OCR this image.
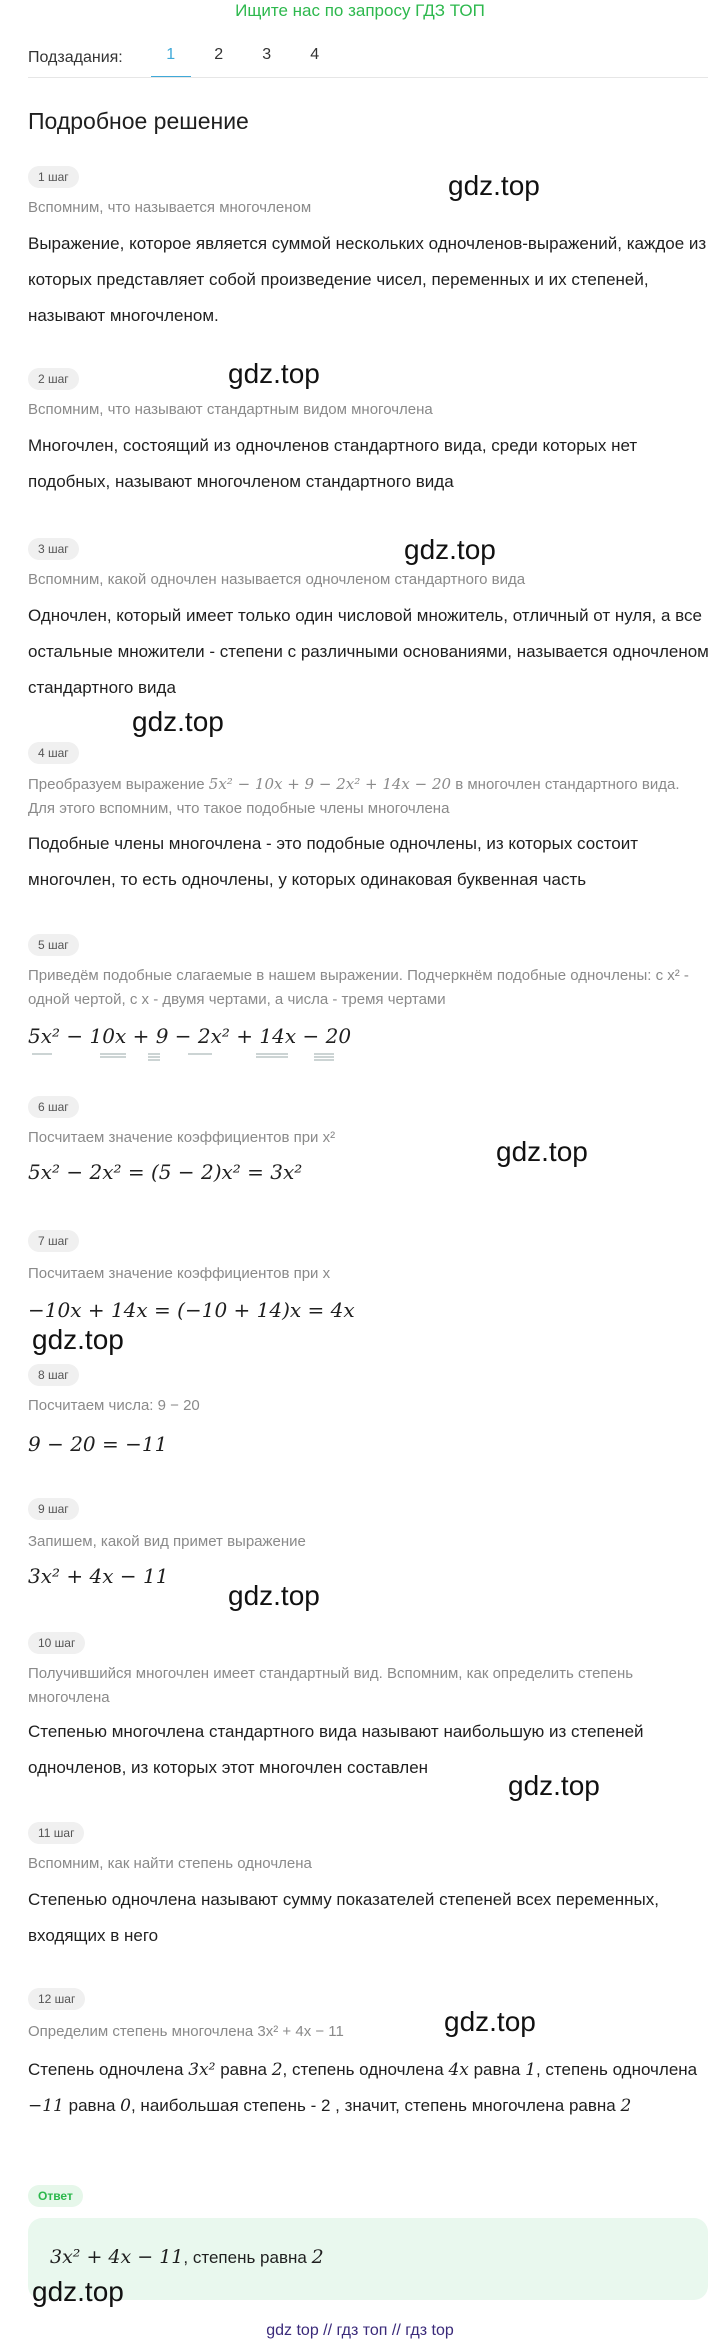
Ищите нас по запросу ГДЗ ТОП
Подзадания:	1	2	3	4
Подробное решение
1 шаг
Вспомним, что называется многочленом
Выражение, которое является суммой нескольких одночленов-выражений, каждое из которых представляет собой произведение чисел, переменных и их степеней, называют многочленом.
2 шаг
Вспомним, что называют стандартным видом многочлена
Многочлен, состоящий из одночленов стандартного вида, среди которых нет подобных, называют многочленом стандартного вида
3 шаг
Вспомним, какой одночлен называется одночленом стандартного вида
Одночлен, который имеет только один числовой множитель, отличный от нуля, а все остальные множители - степени с различными основаниями, называется одночленом стандартного вида
4 шаг
Преобразуем выражение 5x² − 10x + 9 − 2x² + 14x − 20 в многочлен стандартного вида. Для этого вспомним, что такое подобные члены многочлена
Подобные члены многочлена - это подобные одночлены, из которых состоит многочлен, то есть одночлены, у которых одинаковая буквенная часть
5 шаг
Приведём подобные слагаемые в нашем выражении. Подчеркнём подобные одночлены: с x² - одной чертой, с x - двумя чертами, а числа - тремя чертами
5x² − 10x + 9 − 2x² + 14x − 20
6 шаг
Посчитаем значение коэффициентов при x²
5x² − 2x² = (5 − 2)x² = 3x²
7 шаг
Посчитаем значение коэффициентов при x
−10x + 14x = (−10 + 14)x = 4x
8 шаг
Посчитаем числа: 9 − 20
9 − 20 = −11
9 шаг
Запишем, какой вид примет выражение
3x² + 4x − 11
10 шаг
Получившийся многочлен имеет стандартный вид. Вспомним, как определить степень многочлена
Степенью многочлена стандартного вида называют наибольшую из степеней одночленов, из которых этот многочлен составлен
11 шаг
Вспомним, как найти степень одночлена
Степенью одночлена называют сумму показателей степеней всех переменных, входящих в него
12 шаг
Определим степень многочлена 3x² + 4x − 11
Степень одночлена 3x² равна 2, степень одночлена 4x равна 1, степень одночлена −11 равна 0, наибольшая степень - 2 , значит, степень многочлена равна 2
Ответ
3x² + 4x − 11, степень равна 2
gdz.top
gdz.top
gdz.top
gdz.top
gdz.top
gdz.top
gdz.top
gdz.top
gdz.top
gdz.top
gdz top // гдз топ // гдз top
